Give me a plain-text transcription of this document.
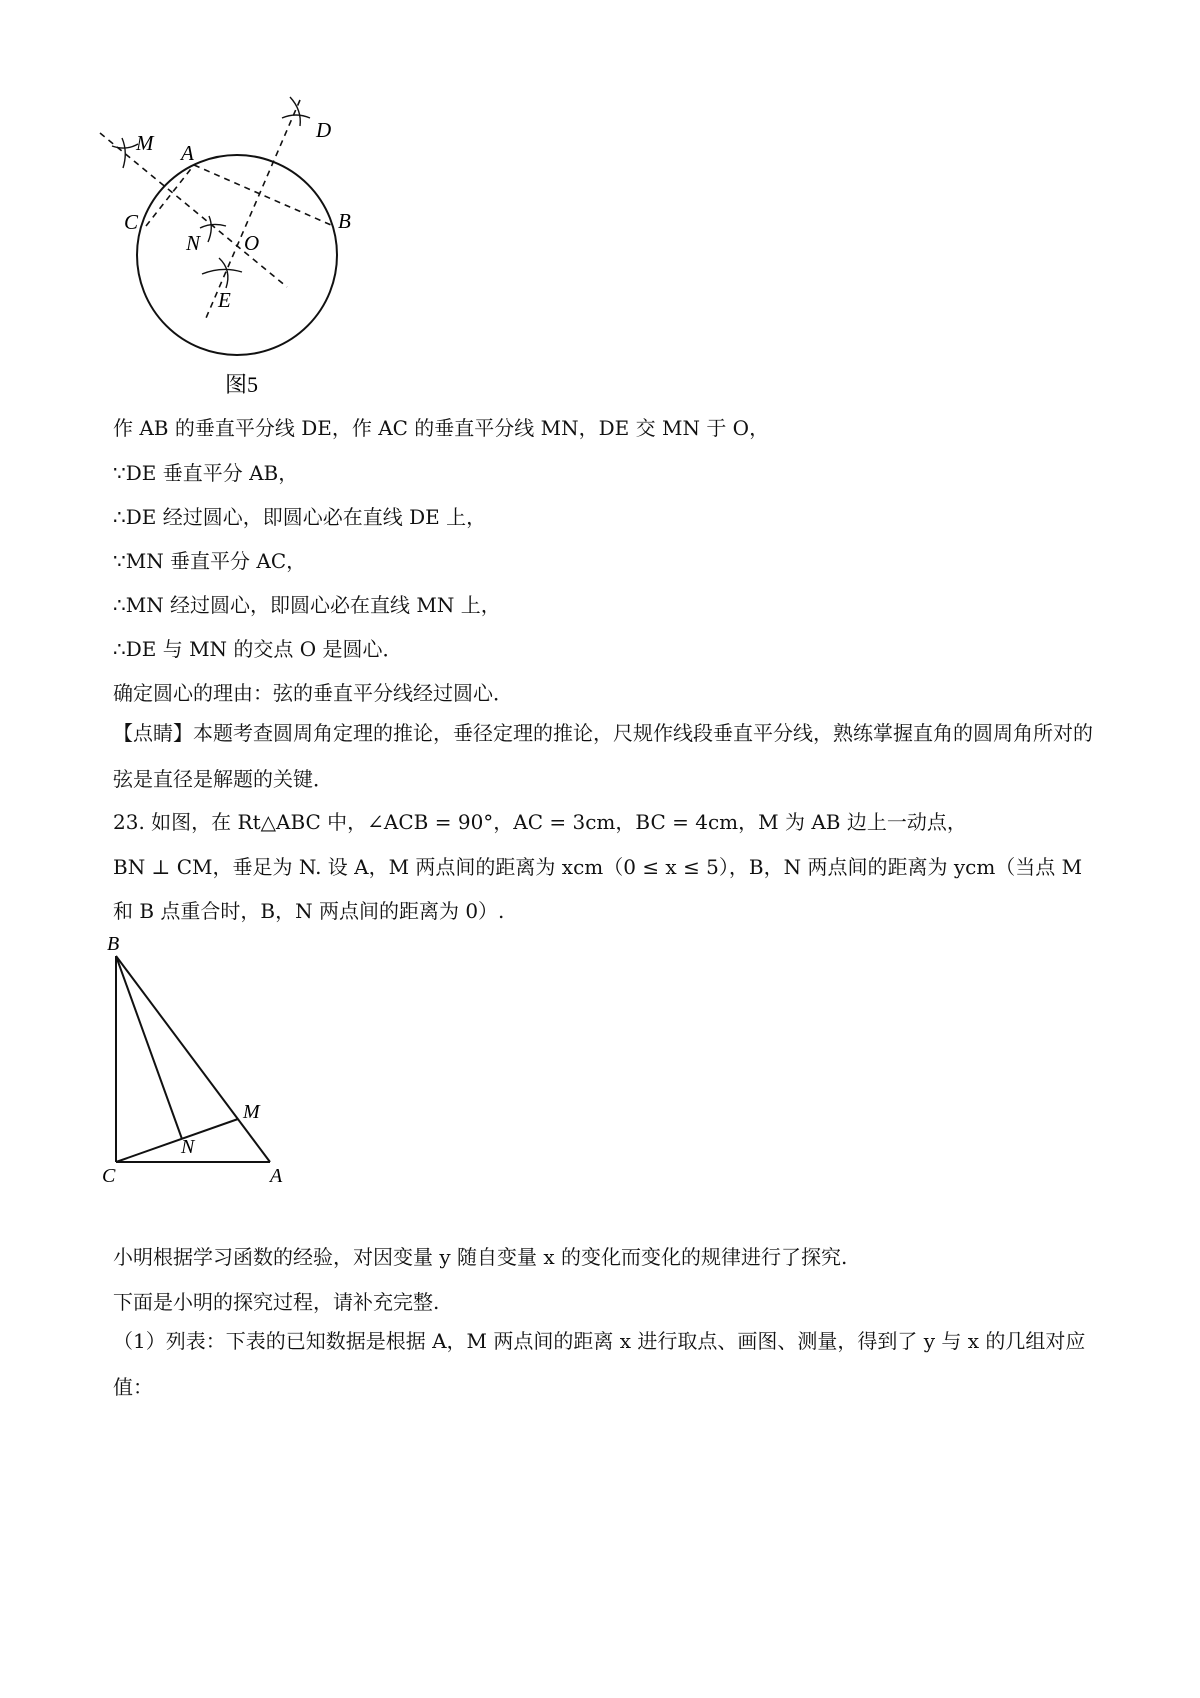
M A
D
C	B
N O
E
图5
作 AB 的垂直平分线 DE，作 AC 的垂直平分线 MN，DE 交 MN 于 O，
∵DE 垂直平分 AB，
∴DE 经过圆心，即圆心必在直线 DE 上，
∵MN 垂直平分 AC，
∴MN 经过圆心，即圆心必在直线 MN 上，
∴DE 与 MN 的交点 O 是圆心．
确定圆心的理由：弦的垂直平分线经过圆心．
【点睛】本题考查圆周角定理的推论，垂径定理的推论，尺规作线段垂直平分线，熟练掌握直角的圆周角所对的弦是直径是解题的关键．
23. 如图，在 Rt△ABC 中，∠ACB = 90°，AC = 3cm，BC = 4cm，M 为 AB 边上一动点，
BN ⊥ CM，垂足为 N. 设 A，M 两点间的距离为 xcm（0 ≤ x ≤ 5），B，N 两点间的距离为 ycm（当点 M
和 B 点重合时，B，N 两点间的距离为 0）.
B
M
N
C	A
小明根据学习函数的经验，对因变量 y 随自变量 x 的变化而变化的规律进行了探究.
下面是小明的探究过程，请补充完整.
（1）列表：下表的已知数据是根据 A，M 两点间的距离 x 进行取点、画图、测量，得到了 y 与 x 的几组对应值：
